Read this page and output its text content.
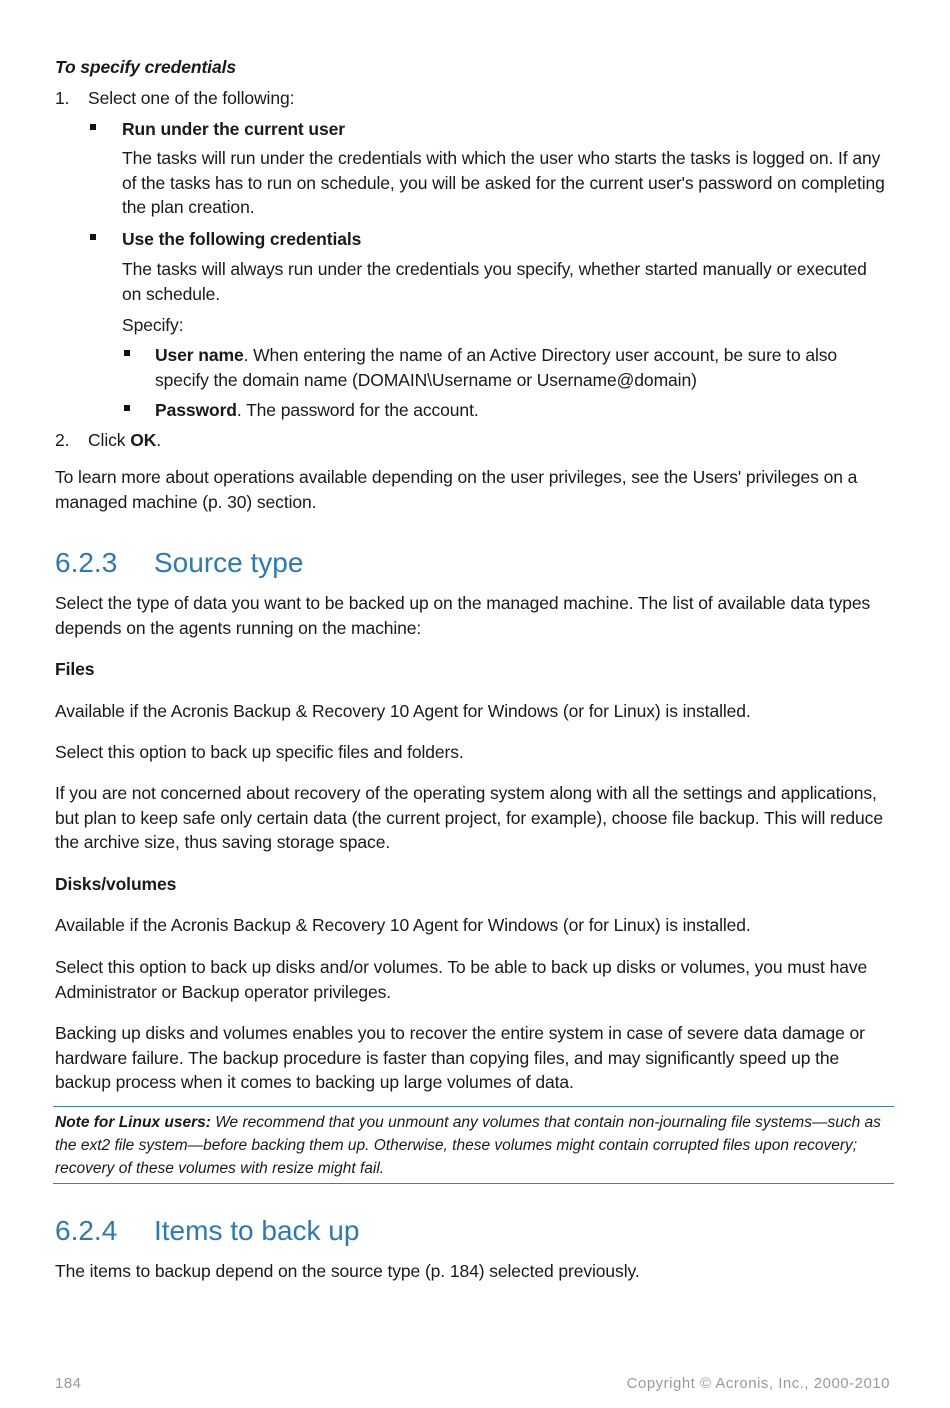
To specify credentials

1. Select one of the following:

Run under the current user

The tasks will run under the credentials with which the user who starts the tasks is logged on. If any of the tasks has to run on schedule, you will be asked for the current user's password on completing the plan creation.

Use the following credentials

The tasks will always run under the credentials you specify, whether started manually or executed on schedule.

Specify:

User name. When entering the name of an Active Directory user account, be sure to also specify the domain name (DOMAIN\Username or Username@domain)

Password. The password for the account.

2. Click OK.

To learn more about operations available depending on the user privileges, see the Users' privileges on a managed machine (p. 30) section.

6.2.3 Source type

Select the type of data you want to be backed up on the managed machine. The list of available data types depends on the agents running on the machine:

Files

Available if the Acronis Backup & Recovery 10 Agent for Windows (or for Linux) is installed.

Select this option to back up specific files and folders.

If you are not concerned about recovery of the operating system along with all the settings and applications, but plan to keep safe only certain data (the current project, for example), choose file backup. This will reduce the archive size, thus saving storage space.

Disks/volumes

Available if the Acronis Backup & Recovery 10 Agent for Windows (or for Linux) is installed.

Select this option to back up disks and/or volumes. To be able to back up disks or volumes, you must have Administrator or Backup operator privileges.

Backing up disks and volumes enables you to recover the entire system in case of severe data damage or hardware failure. The backup procedure is faster than copying files, and may significantly speed up the backup process when it comes to backing up large volumes of data.

Note for Linux users: We recommend that you unmount any volumes that contain non-journaling file systems—such as the ext2 file system—before backing them up. Otherwise, these volumes might contain corrupted files upon recovery; recovery of these volumes with resize might fail.

6.2.4 Items to back up

The items to backup depend on the source type (p. 184) selected previously.

184	Copyright © Acronis, Inc., 2000-2010
